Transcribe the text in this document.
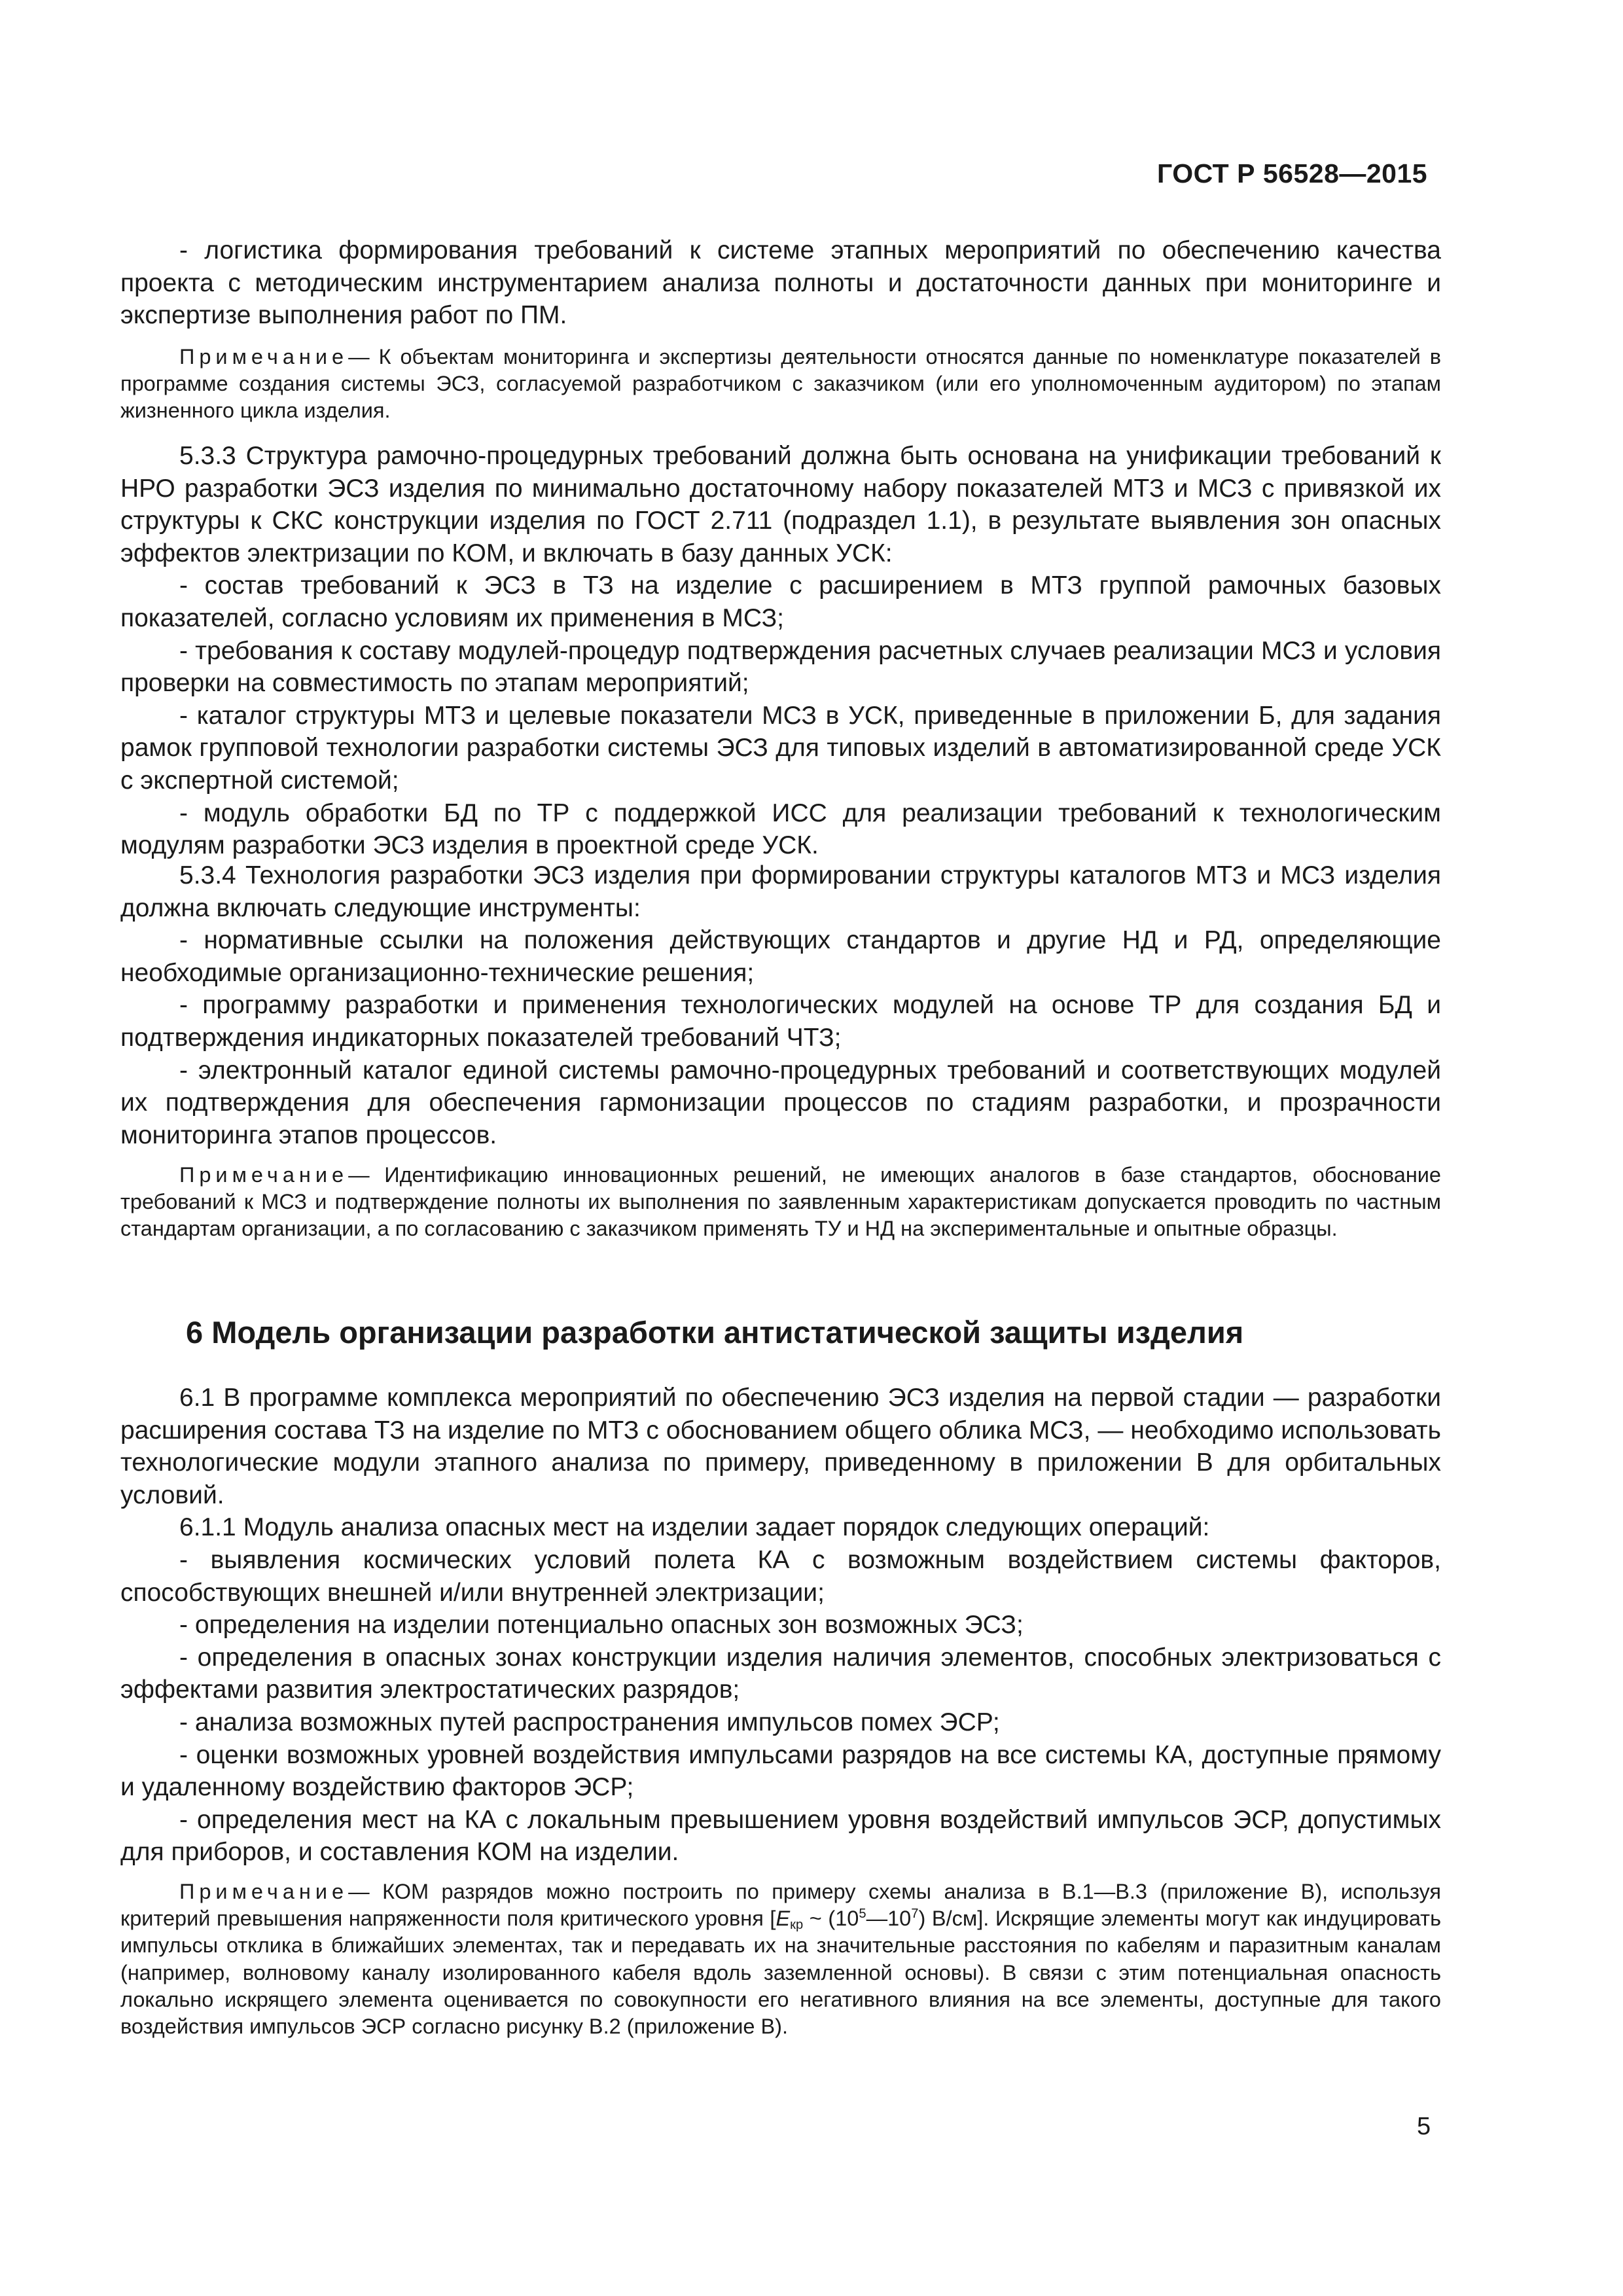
ГОСТ Р 56528—2015

- логистика формирования требований к системе этапных мероприятий по обеспечению качества проекта с методическим инструментарием анализа полноты и достаточности данных при мониторинге и экспертизе выполнения работ по ПМ.

Примечание— К объектам мониторинга и экспертизы деятельности относятся данные по номенклатуре показателей в программе создания системы ЭСЗ, согласуемой разработчиком с заказчиком (или его уполномоченным аудитором) по этапам жизненного цикла изделия.

5.3.3 Структура рамочно-процедурных требований должна быть основана на унификации требований к НРО разработки ЭСЗ изделия по минимально достаточному набору показателей МТЗ и МСЗ с привязкой их структуры к СКС конструкции изделия по ГОСТ 2.711 (подраздел 1.1), в результате выявления зон опасных эффектов электризации по КОМ, и включать в базу данных УСК:

- состав требований к ЭСЗ в ТЗ на изделие с расширением в МТЗ группой рамочных базовых показателей, согласно условиям их применения в МСЗ;

- требования к составу модулей-процедур подтверждения расчетных случаев реализации МСЗ и условия проверки на совместимость по этапам мероприятий;

- каталог структуры МТЗ и целевые показатели МСЗ в УСК, приведенные в приложении Б, для задания рамок групповой технологии разработки системы ЭСЗ для типовых изделий в автоматизированной среде УСК с экспертной системой;

- модуль обработки БД по ТР с поддержкой ИСС для реализации требований к технологическим модулям разработки ЭСЗ изделия в проектной среде УСК.

5.3.4 Технология разработки ЭСЗ изделия при формировании структуры каталогов МТЗ и МСЗ изделия должна включать следующие инструменты:

- нормативные ссылки на положения действующих стандартов и другие НД и РД, определяющие необходимые организационно-технические решения;

- программу разработки и применения технологических модулей на основе ТР для создания БД и подтверждения индикаторных показателей требований ЧТЗ;

- электронный каталог единой системы рамочно-процедурных требований и соответствующих модулей их подтверждения для обеспечения гармонизации процессов по стадиям разработки, и прозрачности мониторинга этапов процессов.

Примечание— Идентификацию инновационных решений, не имеющих аналогов в базе стандартов, обоснование требований к МСЗ и подтверждение полноты их выполнения по заявленным характеристикам допускается проводить по частным стандартам организации, а по согласованию с заказчиком применять ТУ и НД на экспериментальные и опытные образцы.

6 Модель организации разработки антистатической защиты изделия

6.1 В программе комплекса мероприятий по обеспечению ЭСЗ изделия на первой стадии — разработки расширения состава ТЗ на изделие по МТЗ с обоснованием общего облика МСЗ, — необходимо использовать технологические модули этапного анализа по примеру, приведенному в приложении В для орбитальных условий.

6.1.1 Модуль анализа опасных мест на изделии задает порядок следующих операций:

- выявления космических условий полета КА с возможным воздействием системы факторов, способствующих внешней и/или внутренней электризации;

- определения на изделии потенциально опасных зон возможных ЭСЗ;

- определения в опасных зонах конструкции изделия наличия элементов, способных электризоваться с эффектами развития электростатических разрядов;

- анализа возможных путей распространения импульсов помех ЭСР;

- оценки возможных уровней воздействия импульсами разрядов на все системы КА, доступные прямому и удаленному воздействию факторов ЭСР;

- определения мест на КА с локальным превышением уровня воздействий импульсов ЭСР, допустимых для приборов, и составления КОМ на изделии.

Примечание— КОМ разрядов можно построить по примеру схемы анализа в В.1—В.3 (приложение В), используя критерий превышения напряженности поля критического уровня [$E_{кр}$ ~ $(10^5—10^7)$ В/см]. Искрящие элементы могут как индуцировать импульсы отклика в ближайших элементах, так и передавать их на значительные расстояния по кабелям и паразитным каналам (например, волновому каналу изолированного кабеля вдоль заземленной основы). В связи с этим потенциальная опасность локально искрящего элемента оценивается по совокупности его негативного влияния на все элементы, доступные для такого воздействия импульсов ЭСР согласно рисунку В.2 (приложение В).

5
